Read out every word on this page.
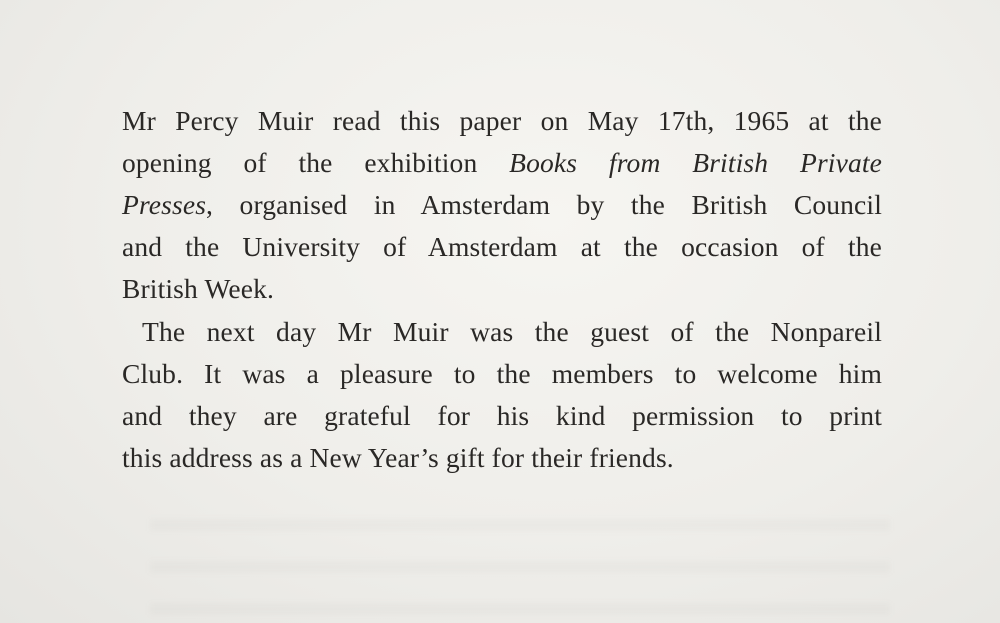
Mr Percy Muir read this paper on May 17th, 1965 at the
opening of the exhibition Books from British Private
Presses, organised in Amsterdam by the British Council
and the University of Amsterdam at the occasion of the
British Week.
The next day Mr Muir was the guest of the Nonpareil
Club. It was a pleasure to the members to welcome him
and they are grateful for his kind permission to print
this address as a New Year’s gift for their friends.
